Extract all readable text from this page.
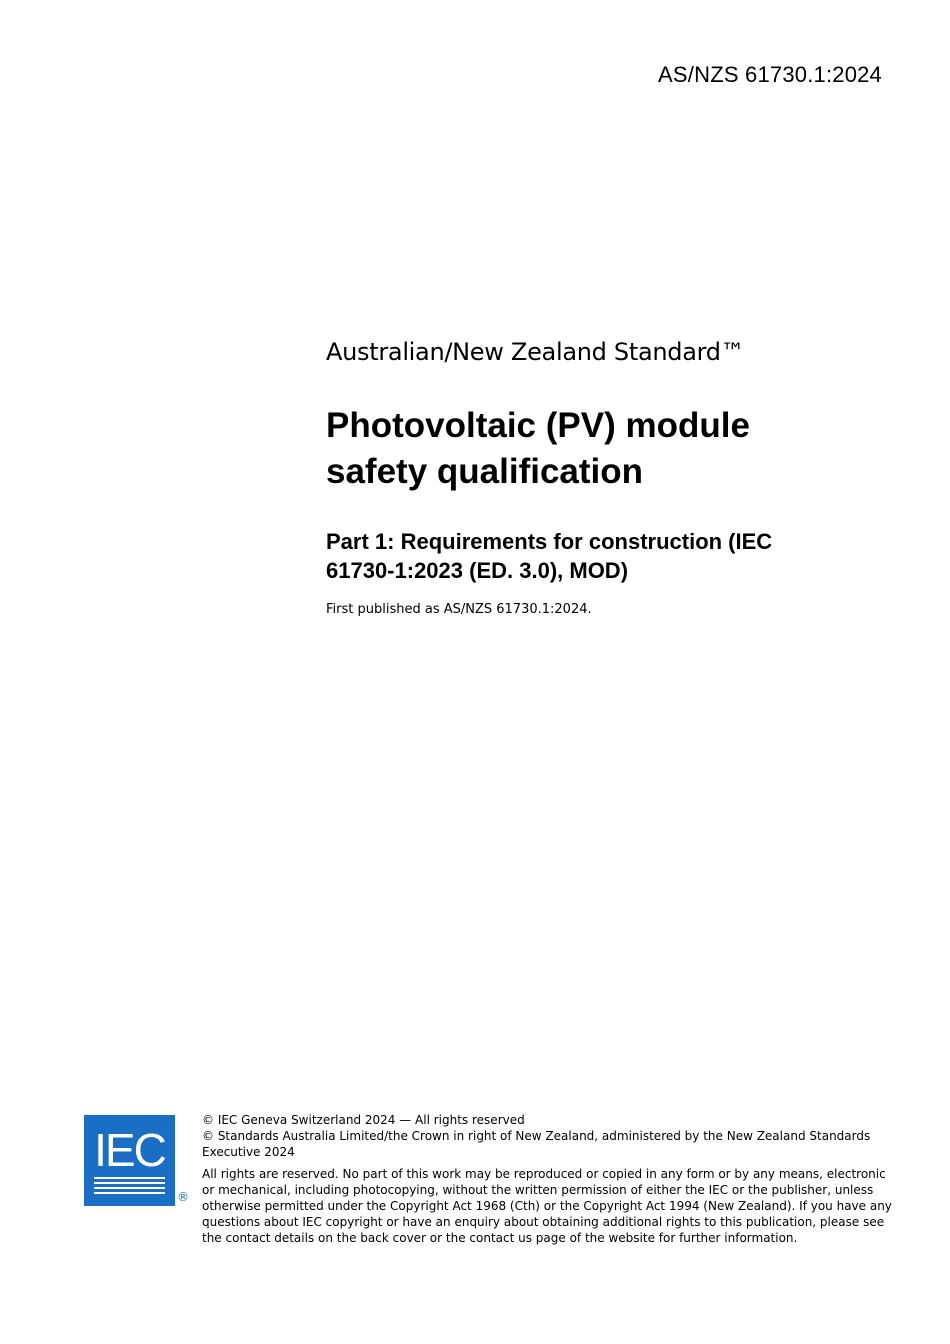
AS/NZS 61730.1:2024
Australian/New Zealand Standard™
Photovoltaic (PV) module
safety qualification
Part 1: Requirements for construction (IEC
61730-1:2023 (ED. 3.0), MOD)

First published as AS/NZS 61730.1:2024.

IEC
®

© IEC Geneva Switzerland 2024 — All rights reserved

© Standards Australia Limited/the Crown in right of New Zealand, administered by the New Zealand Standards Executive 2024

All rights are reserved. No part of this work may be reproduced or copied in any form or by any means, electronic or mechanical, including photocopying, without the written permission of either the IEC or the publisher, unless otherwise permitted under the Copyright Act 1968 (Cth) or the Copyright Act 1994 (New Zealand). If you have any questions about IEC copyright or have an enquiry about obtaining additional rights to this publication, please see the contact details on the back cover or the contact us page of the website for further information.
